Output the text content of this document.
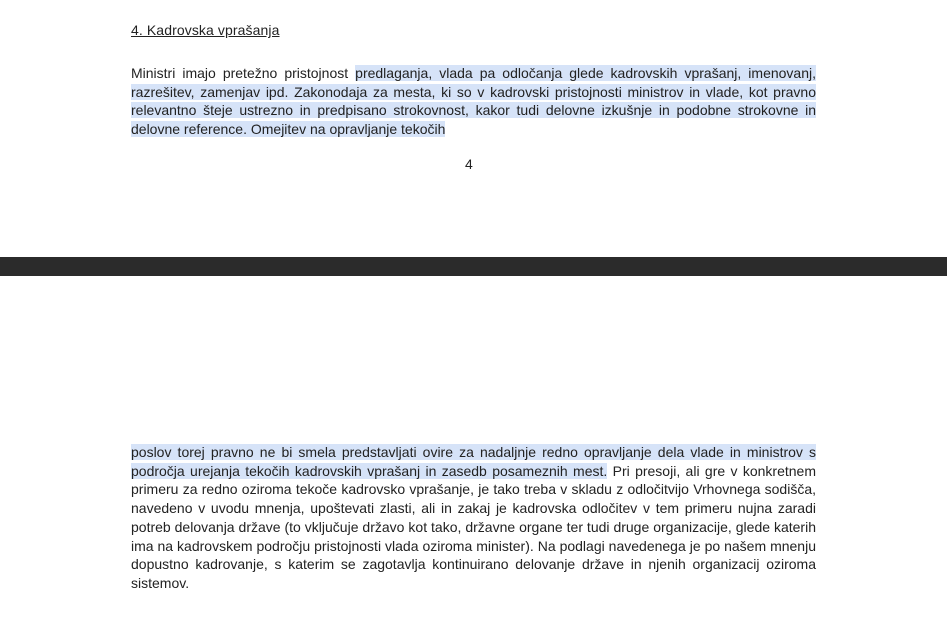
4. Kadrovska vprašanja
Ministri imajo pretežno pristojnost predlaganja, vlada pa odločanja glede kadrovskih vprašanj, imenovanj, razrešitev, zamenjav ipd. Zakonodaja za mesta, ki so v kadrovski pristojnosti ministrov in vlade, kot pravno relevantno šteje ustrezno in predpisano strokovnost, kakor tudi delovne izkušnje in podobne strokovne in delovne reference. Omejitev na opravljanje tekočih
4
poslov torej pravno ne bi smela predstavljati ovire za nadaljnje redno opravljanje dela vlade in ministrov s področja urejanja tekočih kadrovskih vprašanj in zasedb posameznih mest. Pri presoji, ali gre v konkretnem primeru za redno oziroma tekoče kadrovsko vprašanje, je tako treba v skladu z odločitvijo Vrhovnega sodišča, navedeno v uvodu mnenja, upoštevati zlasti, ali in zakaj je kadrovska odločitev v tem primeru nujna zaradi potreb delovanja države (to vključuje državo kot tako, državne organe ter tudi druge organizacije, glede katerih ima na kadrovskem področju pristojnosti vlada oziroma minister). Na podlagi navedenega je po našem mnenju dopustno kadrovanje, s katerim se zagotavlja kontinuirano delovanje države in njenih organizacij oziroma sistemov.
